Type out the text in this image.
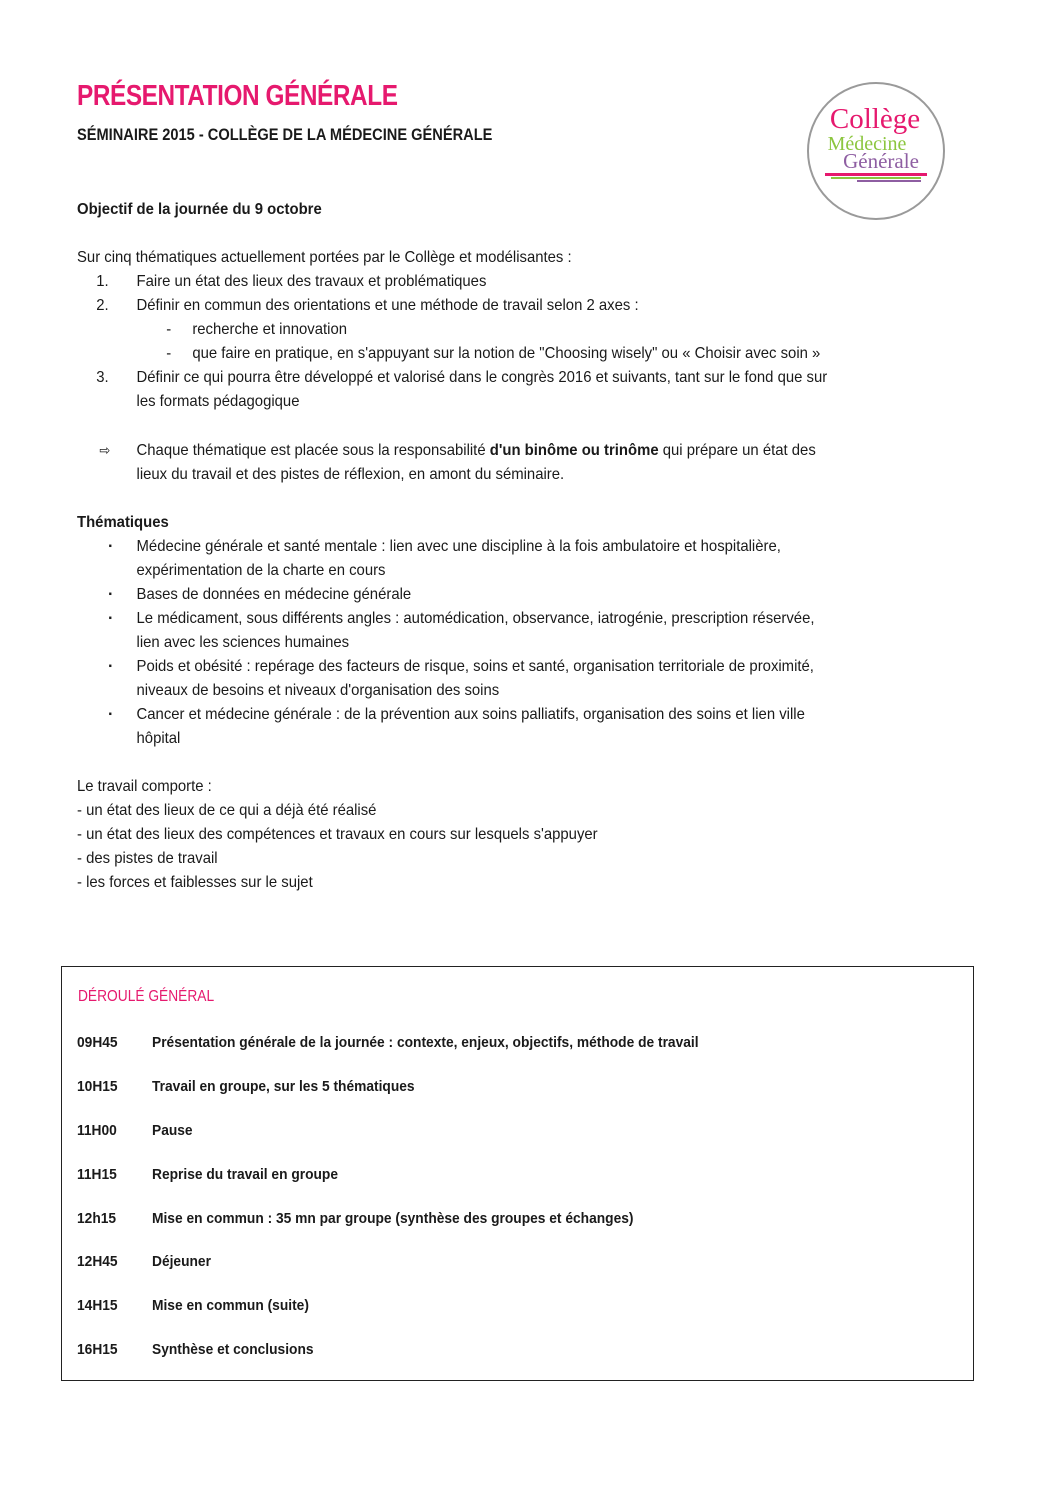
PRÉSENTATION GÉNÉRALE
SÉMINAIRE 2015 - COLLÈGE DE LA MÉDECINE GÉNÉRALE	Collège
Médecine
Générale
Objectif de la journée du 9 octobre
Sur cinq thématiques actuellement portées par le Collège et modélisantes :
1. Faire un état des lieux des travaux et problématiques
2. Définir en commun des orientations et une méthode de travail selon 2 axes :
- recherche et innovation
- que faire en pratique, en s'appuyant sur la notion de "Choosing wisely" ou « Choisir avec soin »
3. Définir ce qui pourra être développé et valorisé dans le congrès 2016 et suivants, tant sur le fond que sur
les formats pédagogique
⇨ Chaque thématique est placée sous la responsabilité d'un binôme ou trinôme qui prépare un état des
lieux du travail et des pistes de réflexion, en amont du séminaire.
Thématiques
▪ Médecine générale et santé mentale : lien avec une discipline à la fois ambulatoire et hospitalière,
expérimentation de la charte en cours
▪ Bases de données en médecine générale
▪ Le médicament, sous différents angles : automédication, observance, iatrogénie, prescription réservée,
lien avec les sciences humaines
▪ Poids et obésité : repérage des facteurs de risque, soins et santé, organisation territoriale de proximité,
niveaux de besoins et niveaux d'organisation des soins
▪ Cancer et médecine générale : de la prévention aux soins palliatifs, organisation des soins et lien ville
hôpital
Le travail comporte :
- un état des lieux de ce qui a déjà été réalisé
- un état des lieux des compétences et travaux en cours sur lesquels s'appuyer
- des pistes de travail
- les forces et faiblesses sur le sujet
DÉROULÉ GÉNÉRAL
09H45 Présentation générale de la journée : contexte, enjeux, objectifs, méthode de travail
10H15 Travail en groupe, sur les 5 thématiques
11H00 Pause
11H15 Reprise du travail en groupe
12h15 Mise en commun : 35 mn par groupe (synthèse des groupes et échanges)
12H45 Déjeuner
14H15 Mise en commun (suite)
16H15 Synthèse et conclusions
